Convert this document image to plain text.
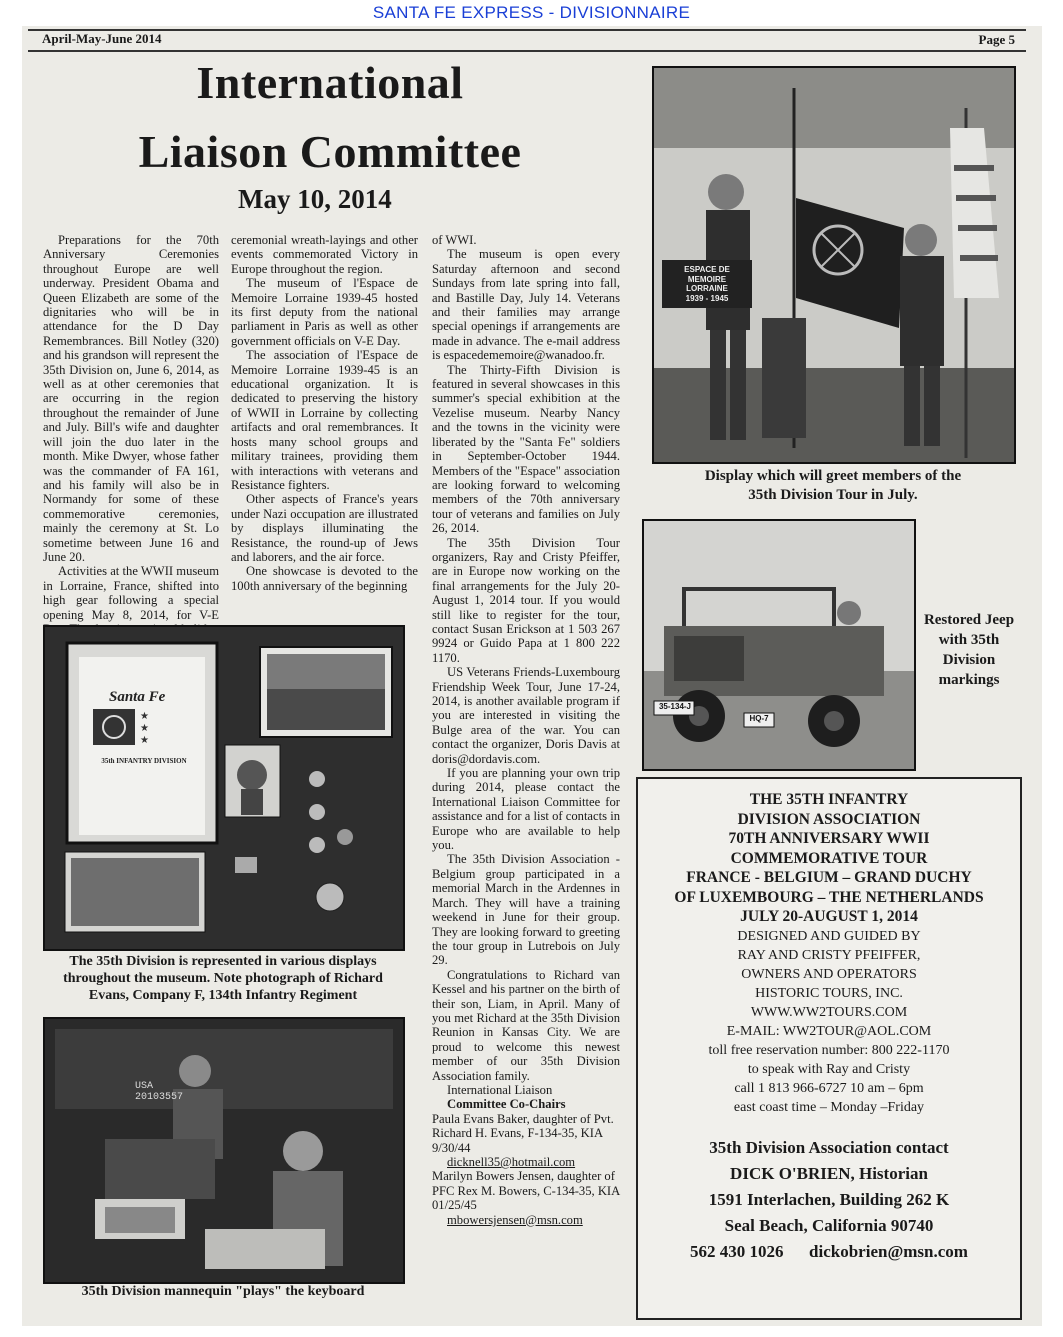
SANTA FE EXPRESS - DIVISIONNAIRE
April-May-June 2014	Page 5
International
Liaison Committee
May 10, 2014

Preparations for the 70th Anniversary Ceremonies throughout Europe are well underway. President Obama and Queen Elizabeth are some of the dignitaries who will be in attendance for the D Day Remembrances. Bill Notley (320) and his grandson will represent the 35th Division on, June 6, 2014, as well as at other ceremonies that are occurring in the region throughout the remainder of June and July. Bill's wife and daughter will join the duo later in the month. Mike Dwyer, whose father was the commander of FA 161, and his family will also be in Normandy for some of these commemorative ceremonies, mainly the ceremony at St. Lo sometime between June 16 and June 20.

Activities at the WWII museum in Lorraine, France, shifted into high gear following a special opening May 8, 2014, for V-E

ceremonial wreath-layings and other events commemorated Victory in Europe throughout the region.

The museum of l'Espace de Memoire Lorraine 1939-45 hosted its first deputy from the national parliament in Paris as well as other government officials on V-E Day.

The association of l'Espace de Memoire Lorraine 1939-45 is an educational organization. It is dedicated to preserving the history of WWII in Lorraine by collecting artifacts and oral remembrances. It hosts many school groups and military trainees, providing them with interactions with veterans and Resistance fighters.

Other aspects of France's years under Nazi occupation are illustrated by displays illuminating the Resistance, the round-up of Jews and laborers, and the air force.

One showcase is devoted to the 100th anniversary of the beginning

of WWI.

The museum is open every Saturday afternoon and second Sundays from late spring into fall, and Bastille Day, July 14. Veterans and their families may arrange special openings if arrangements are made in advance. The e-mail address is espacedememoire@wanadoo.fr.

The Thirty-Fifth Division is featured in several showcases in this summer's special exhibition at the Vezelise museum. Nearby Nancy and the towns in the vicinity were liberated by the "Santa Fe" soldiers in September-October 1944. Members of the "Espace" association are looking forward to welcoming members of the 70th anniversary tour of veterans and families on July 26, 2014.

The 35th Division Tour organizers, Ray and Cristy Pfeiffer, are in Europe now working on the final arrangements for the July 20-August 1, 2014 tour. If you would still like to register for the tour, contact Susan Erickson at 1 503 267 9924 or Guido Papa at 1 800 222 1170.

US Veterans Friends-Luxembourg Friendship Week Tour, June 17-24, 2014, is another available program if you are interested in visiting the Bulge area of the war. You can contact the organizer, Doris Davis at doris@dordavis.com.

If you are planning your own trip during 2014, please contact the International Liaison Committee for assistance and for a list of contacts in Europe who are available to help you.

The 35th Division Association - Belgium group participated in a memorial March in the Ardennes in March. They will have a training weekend in June for their group. They are looking forward to greeting the tour group in Lutrebois on July 29.

Congratulations to Richard van Kessel and his partner on the birth of their son, Liam, in April. Many of you met Richard at the 35th Division Reunion in Kansas City. We are proud to welcome this newest member of our 35th Division Association family.

International Liaison

Committee Co-Chairs

Paula Evans Baker, daughter of Pvt. Richard H. Evans, F-134-35, KIA 9/30/44

dicknell35@hotmail.com

Marilyn Bowers Jensen, daughter of PFC Rex M. Bowers, C-134-35, KIA 01/25/45

mbowersjensen@msn.com

★
★
★
Santa Fe
35th INFANTRY DIVISION
The 35th Division is represented in various displays
throughout the museum. Note photograph of Richard
Evans, Company F, 134th Infantry Regiment
USA 20103557
35th Division mannequin "plays" the keyboard
ESPACE DE
MEMOIRE
LORRAINE
1939 - 1945
Display which will greet members of the
35th Division Tour in July.
35-134-J
HQ-7
Restored Jeep with 35th Division markings
THE 35TH INFANTRY
DIVISION ASSOCIATION
70TH ANNIVERSARY WWII
COMMEMORATIVE TOUR
FRANCE - BELGIUM – GRAND DUCHY
OF LUXEMBOURG – THE NETHERLANDS
JULY 20-AUGUST 1, 2014
DESIGNED AND GUIDED BY
RAY AND CRISTY PFEIFFER,
OWNERS AND OPERATORS
HISTORIC TOURS, INC.
WWW.WW2TOURS.COM
E-MAIL: WW2TOUR@AOL.COM
toll free reservation number: 800 222-1170
to speak with Ray and Cristy
call 1 813 966-6727 10 am – 6pm
east coast time – Monday –Friday
35th Division Association contact
DICK O'BRIEN, Historian
1591 Interlachen, Building 262 K
Seal Beach, California 90740
562 430 1026      dickobrien@msn.com
